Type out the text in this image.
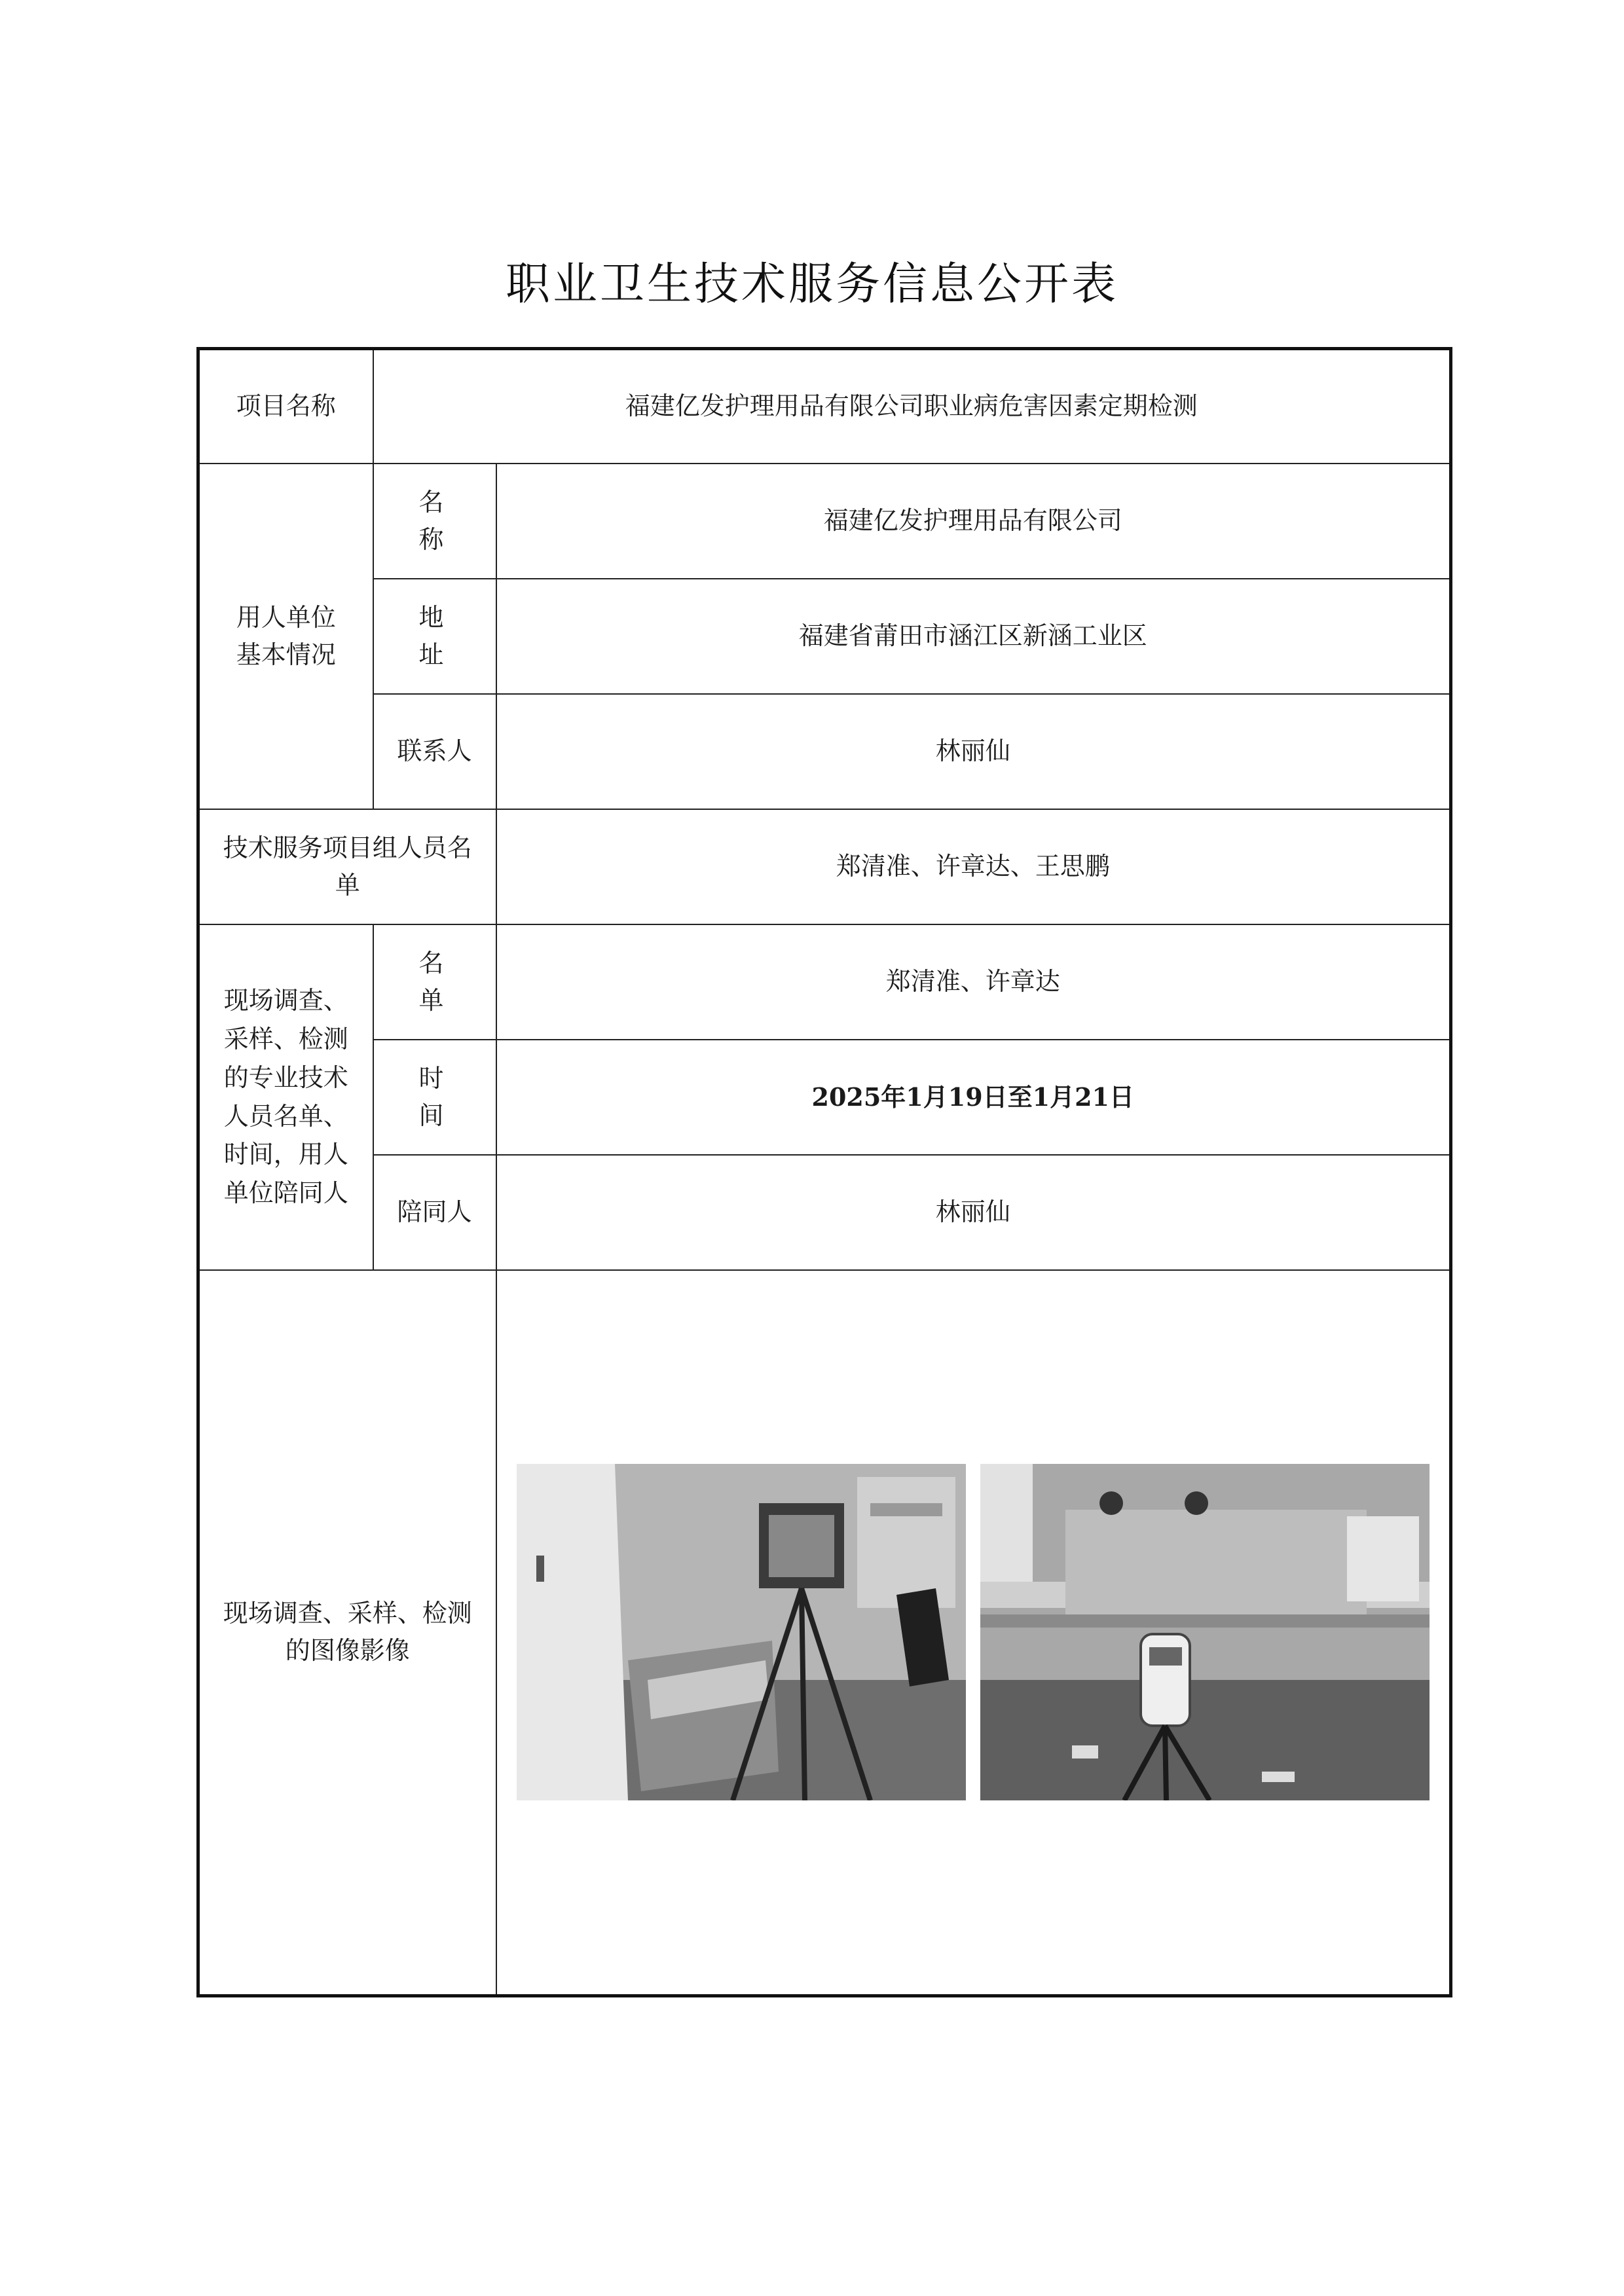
职业卫生技术服务信息公开表
项目名称	福建亿发护理用品有限公司职业病危害因素定期检测	
用人单位基本情况	名 称	福建亿发护理用品有限公司
	地 址	福建省莆田市涵江区新涵工业区
	联系人	林丽仙
技术服务项目组人员名单		郑清准、许章达、王思鹏
现场调查、采样、检测的专业技术人员名单、时间，用人单位陪同人	名 单	郑清准、许章达
	时 间	2025年1月19日至1月21日
	陪同人	林丽仙
现场调查、采样、检测的图像影像	
